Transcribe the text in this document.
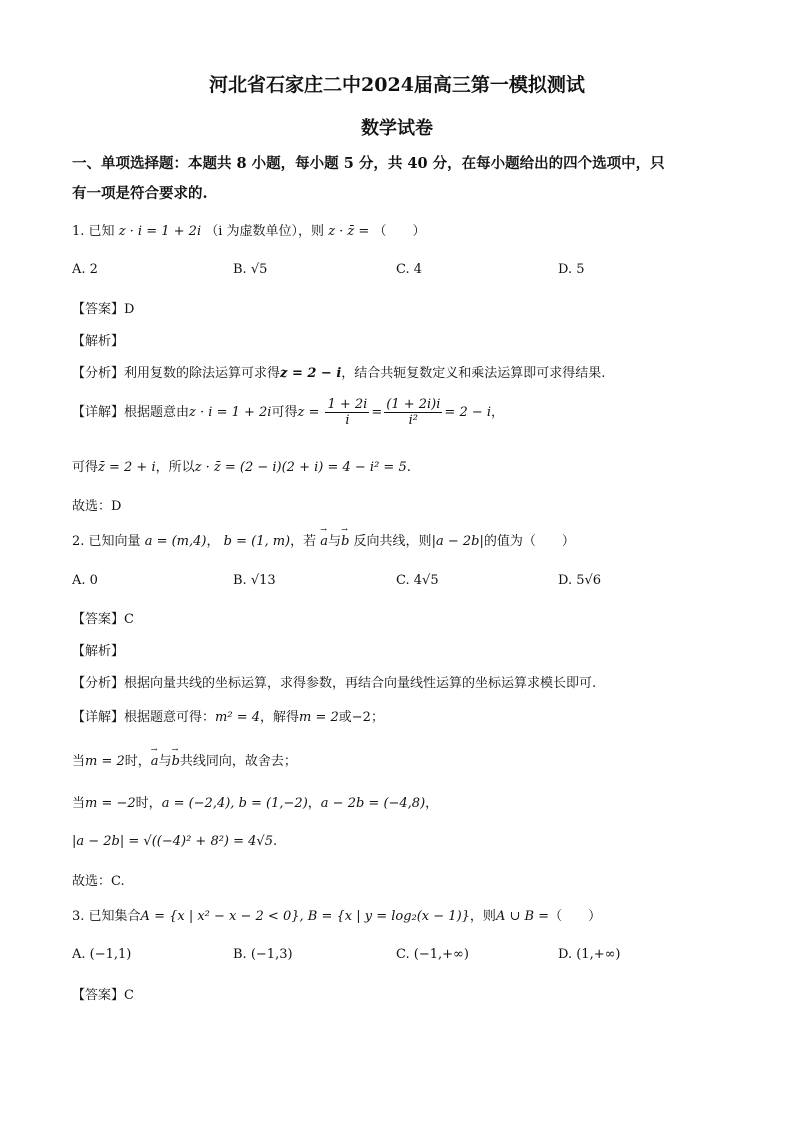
河北省石家庄二中2024届高三第一模拟测试
数学试卷
一、单项选择题：本题共 8 小题，每小题 5 分，共 40 分，在每小题给出的四个选项中，只
有一项是符合要求的.
1. 已知 z · i = 1 + 2i （i 为虚数单位），则 z · z̄ = （　　）
A. 2	B. √5	C. 4	D. 5
【答案】D
【解析】
【分析】利用复数的除法运算可求得z = 2 − i，结合共轭复数定义和乘法运算即可求得结果.
【详解】根据题意由z · i = 1 + 2i可得$z = \frac{1 + 2i}{i} = \frac{(1 + 2i)i}{\text{i²}} = 2 - i$，
可得z̄ = 2 + i，所以z · z̄ = (2 − i)(2 + i) = 4 − i² = 5.
故选：D
2. 已知向量 a = (m,4)， b = (1, m)，若 → a与→ b 反向共线，则|a − 2b|的值为（　　）
A. 0	B. √13	C. 4√5	D. 5√6
【答案】C
【解析】
【分析】根据向量共线的坐标运算，求得参数，再结合向量线性运算的坐标运算求模长即可.
【详解】根据题意可得：m² = 4，解得m = 2或−2；
当m = 2时，→ a与→ b共线同向，故舍去；
当m = −2时，a = (−2,4), b = (1,−2)，a − 2b = (−4,8)，
|a − 2b| = √((−4)² + 8²) = 4√5.
故选：C.
3. 已知集合A = {x | x² − x − 2 < 0}, B = {x | y = log₂(x − 1)}，则A ∪ B =（　　）
A. (−1,1)	B. (−1,3)	C. (−1,+∞)	D. (1,+∞)
【答案】C
